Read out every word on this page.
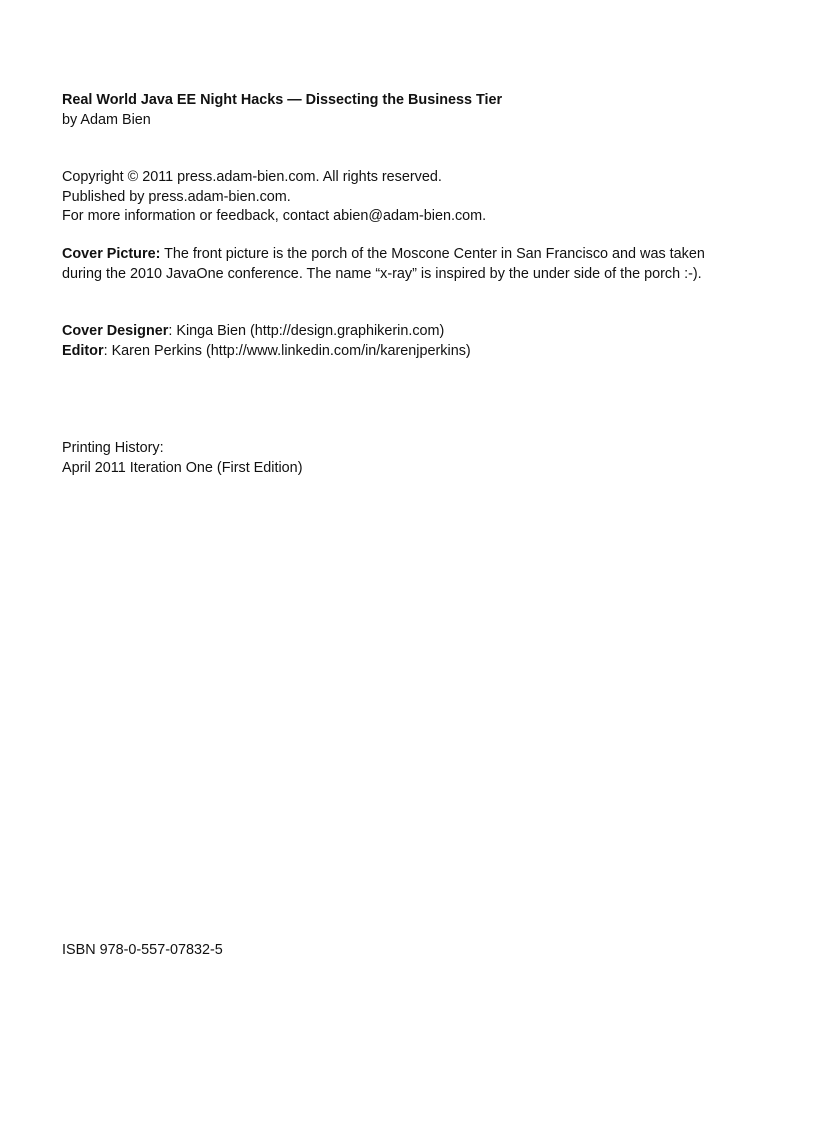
Real World Java EE Night Hacks — Dissecting the Business Tier
by Adam Bien
Copyright © 2011 press.adam-bien.com. All rights reserved.
Published by press.adam-bien.com.
For more information or feedback, contact abien@adam-bien.com.
Cover Picture: The front picture is the porch of the Moscone Center in San Francisco and was taken during the 2010 JavaOne conference. The name “x-ray” is inspired by the under side of the porch :-).
Cover Designer: Kinga Bien (http://design.graphikerin.com)
Editor: Karen Perkins (http://www.linkedin.com/in/karenjperkins)
Printing History:
April 2011 Iteration One (First Edition)
ISBN 978-0-557-07832-5
